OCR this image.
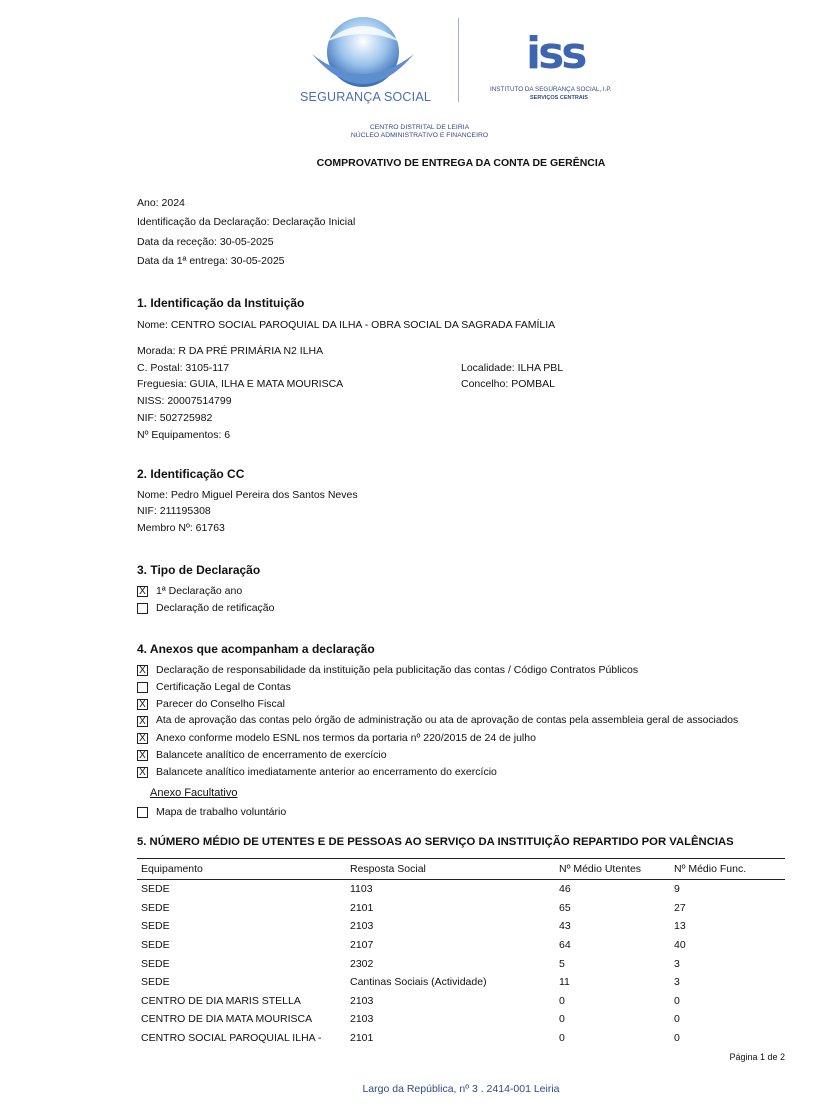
SEGURANÇA SOCIAL
iss
INSTITUTO DA SEGURANÇA SOCIAL, I.P.
SERVIÇOS CENTRAIS
CENTRO DISTRITAL DE LEIRIA
NÚCLEO ADMINISTRATIVO E FINANCEIRO
COMPROVATIVO DE ENTREGA DA CONTA DE GERÊNCIA
Ano: 2024
Identificação da Declaração: Declaração Inicial
Data da receção: 30-05-2025
Data da 1ª entrega: 30-05-2025
1. Identificação da Instituição
Nome: CENTRO SOCIAL PAROQUIAL DA ILHA - OBRA SOCIAL DA SAGRADA FAMÍLIA
Morada: R DA PRÉ PRIMÁRIA N2 ILHA
C. Postal: 3105-117	Localidade: ILHA PBL
Freguesia: GUIA, ILHA E MATA MOURISCA	Concelho: POMBAL
NISS: 20007514799
NIF: 502725982
Nº Equipamentos: 6
2. Identificação CC
Nome: Pedro Miguel Pereira dos Santos Neves
NIF: 211195308
Membro Nº: 61763
3. Tipo de Declaração
X 1ª Declaração ano
Declaração de retificação
4. Anexos que acompanham a declaração
X Declaração de responsabilidade da instituição pela publicitação das contas / Código Contratos Públicos
Certificação Legal de Contas
X Parecer do Conselho Fiscal
X Ata de aprovação das contas pelo órgão de administração ou ata de aprovação de contas pela assembleia geral de associados
X Anexo conforme modelo ESNL nos termos da portaria nº 220/2015 de 24 de julho
X Balancete analítico de encerramento de exercício
X Balancete analítico imediatamente anterior ao encerramento do exercício
Anexo Facultativo
Mapa de trabalho voluntário
5. NÚMERO MÉDIO DE UTENTES E DE PESSOAS AO SERVIÇO DA INSTITUIÇÃO REPARTIDO POR VALÊNCIAS
Equipamento	Resposta Social	Nº Médio Utentes	Nº Médio Func.
SEDE	1103	46	9
SEDE	2101	65	27
SEDE	2103	43	13
SEDE	2107	64	40
SEDE	2302	5	3
SEDE	Cantinas Sociais (Actividade)	11	3
CENTRO DE DIA MARIS STELLA	2103	0	0
CENTRO DE DIA MATA MOURISCA	2103	0	0
CENTRO SOCIAL PAROQUIAL ILHA -	2101	0	0
Página 1 de 2
Largo da República, nº 3 . 2414-001 Leiria
